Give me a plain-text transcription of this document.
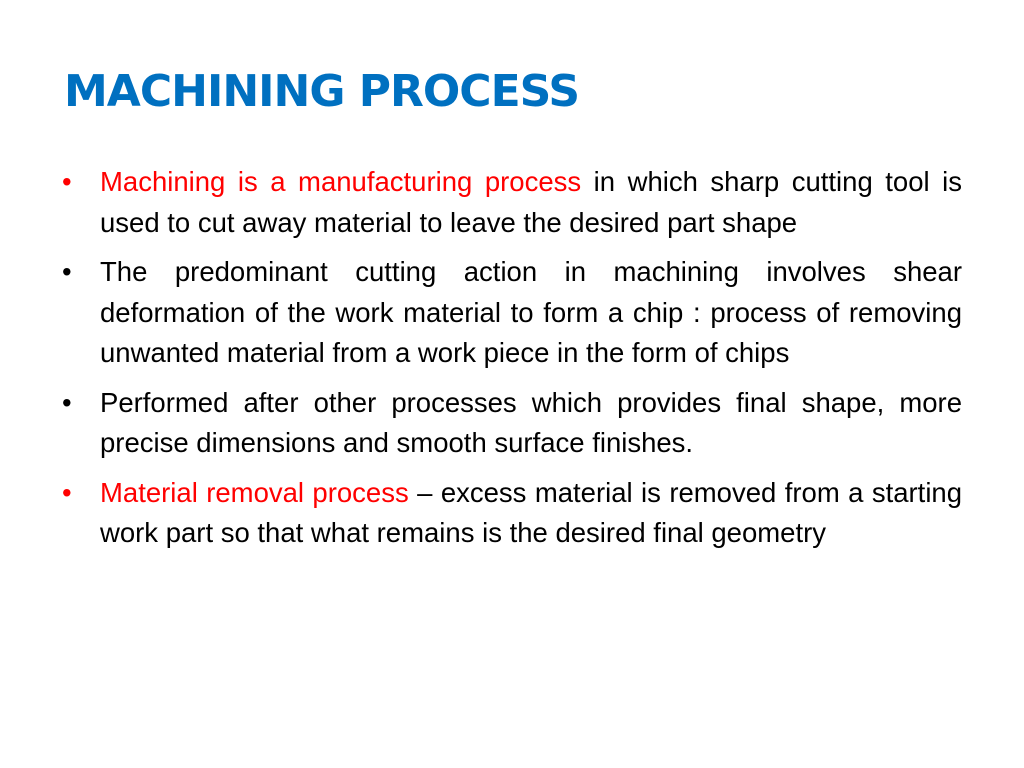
MACHINING PROCESS
•	Machining is a manufacturing process in which sharp cutting tool is used to cut away material to leave the desired part shape
•	The predominant cutting action in machining involves shear deformation of the work material to form a chip : process of removing unwanted material from a work piece in the form of chips
•	Performed after other processes which provides final shape, more precise dimensions and smooth surface finishes.
•	Material removal process – excess material is removed from a starting work part so that what remains is the desired final geometry
